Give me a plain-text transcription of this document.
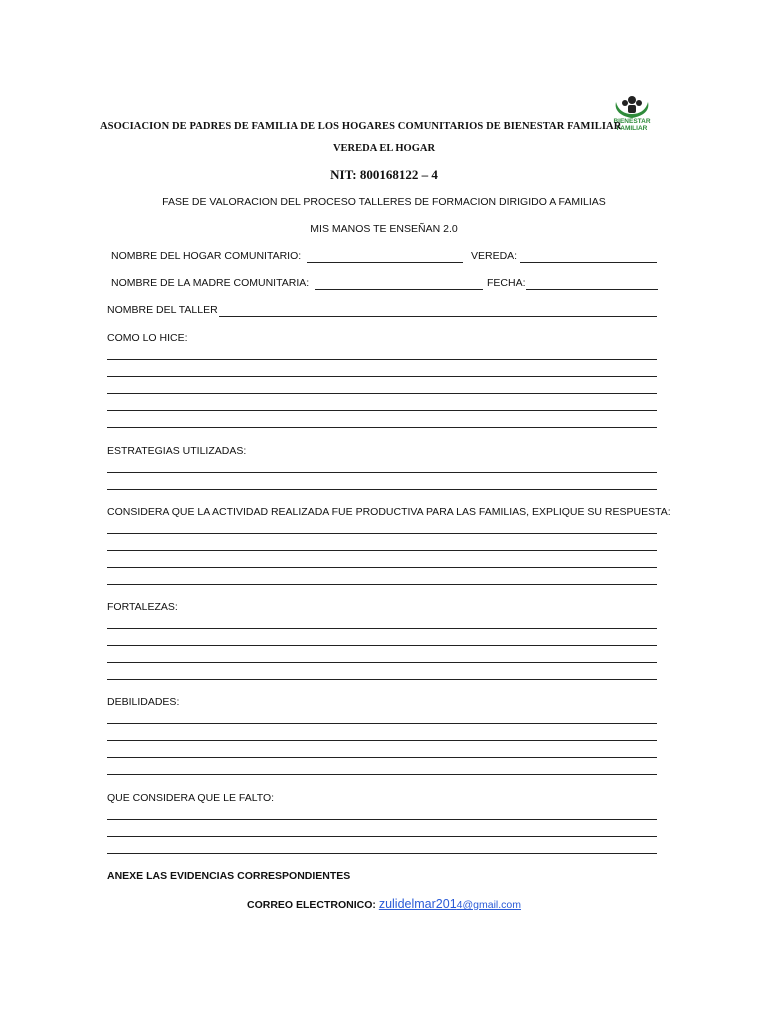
BIENESTAR
FAMILIAR
ASOCIACION DE PADRES DE FAMILIA DE LOS HOGARES COMUNITARIOS DE BIENESTAR FAMILIAR
VEREDA EL HOGAR
NIT: 800168122 – 4
FASE DE VALORACION DEL PROCESO TALLERES DE FORMACION DIRIGIDO A FAMILIAS
MIS MANOS TE ENSEÑAN 2.0
NOMBRE DEL HOGAR COMUNITARIO:	VEREDA:
NOMBRE DE LA MADRE COMUNITARIA:	FECHA:
NOMBRE DEL TALLER
COMO LO HICE:
ESTRATEGIAS UTILIZADAS:
CONSIDERA QUE LA ACTIVIDAD REALIZADA FUE PRODUCTIVA PARA LAS FAMILIAS, EXPLIQUE SU RESPUESTA:
FORTALEZAS:
DEBILIDADES:
QUE CONSIDERA QUE LE FALTO:
ANEXE LAS EVIDENCIAS CORRESPONDIENTES
CORREO ELECTRONICO: zulidelmar2014@gmail.com
